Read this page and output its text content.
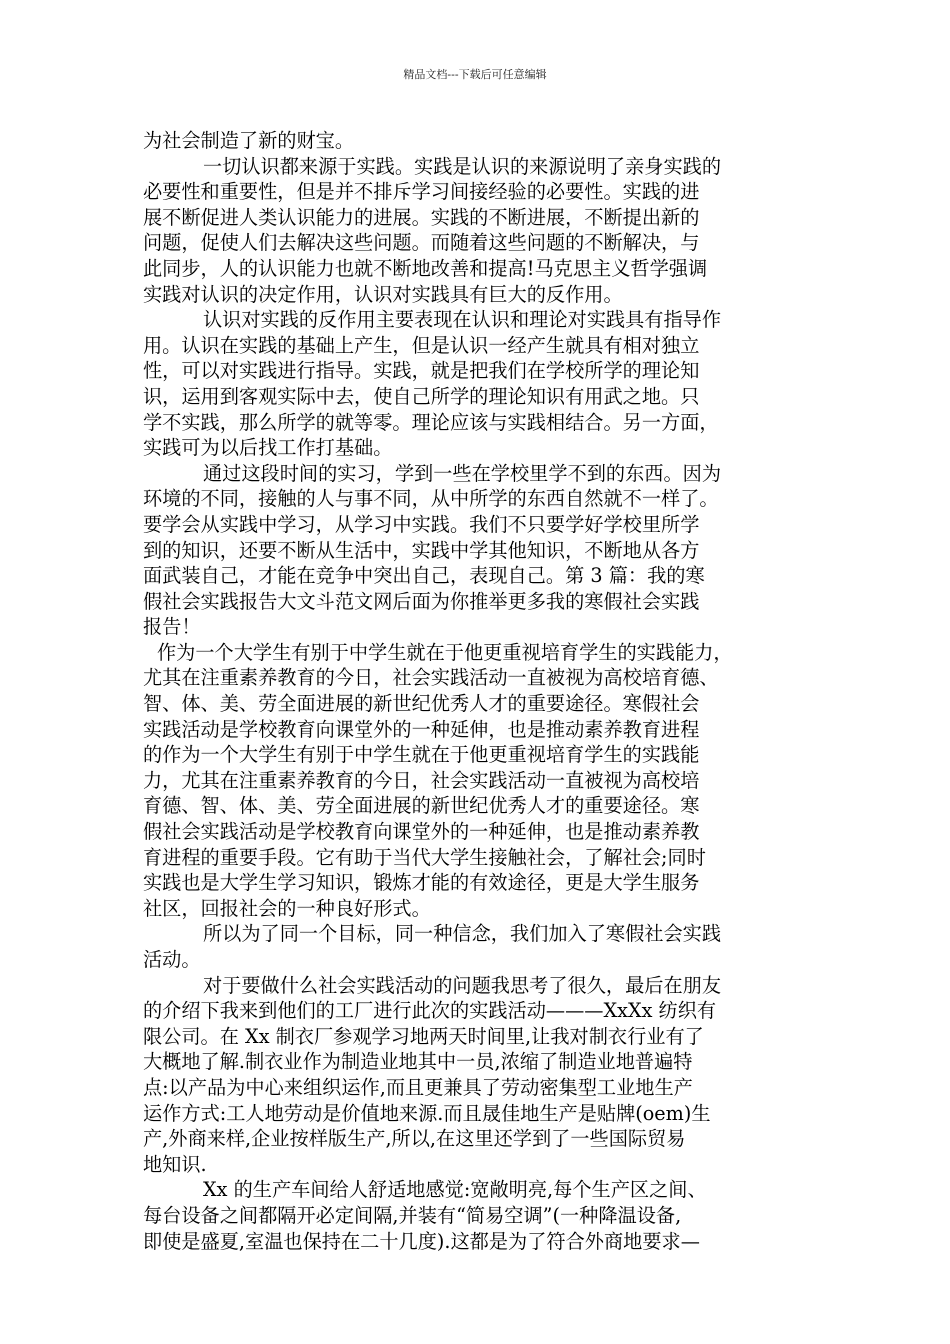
精品文档---下载后可任意编辑

为社会制造了新的财宝。

一切认识都来源于实践。实践是认识的来源说明了亲身实践的

必要性和重要性，但是并不排斥学习间接经验的必要性。实践的进

展不断促进人类认识能力的进展。实践的不断进展，不断提出新的

问题，促使人们去解决这些问题。而随着这些问题的不断解决，与

此同步，人的认识能力也就不断地改善和提高!马克思主义哲学强调

实践对认识的决定作用，认识对实践具有巨大的反作用。

认识对实践的反作用主要表现在认识和理论对实践具有指导作

用。认识在实践的基础上产生，但是认识一经产生就具有相对独立

性，可以对实践进行指导。实践，就是把我们在学校所学的理论知

识，运用到客观实际中去，使自己所学的理论知识有用武之地。只

学不实践，那么所学的就等零。理论应该与实践相结合。另一方面，

实践可为以后找工作打基础。

通过这段时间的实习，学到一些在学校里学不到的东西。因为

环境的不同，接触的人与事不同，从中所学的东西自然就不一样了。

要学会从实践中学习，从学习中实践。我们不只要学好学校里所学

到的知识，还要不断从生活中，实践中学其他知识，不断地从各方

面武装自己，才能在竞争中突出自己，表现自己。第 3 篇：我的寒

假社会实践报告大文斗范文网后面为你推举更多我的寒假社会实践

报告！

作为一个大学生有别于中学生就在于他更重视培育学生的实践能力，

尤其在注重素养教育的今日，社会实践活动一直被视为高校培育德、

智、体、美、劳全面进展的新世纪优秀人才的重要途径。寒假社会

实践活动是学校教育向课堂外的一种延伸，也是推动素养教育进程

的作为一个大学生有别于中学生就在于他更重视培育学生的实践能

力，尤其在注重素养教育的今日，社会实践活动一直被视为高校培

育德、智、体、美、劳全面进展的新世纪优秀人才的重要途径。寒

假社会实践活动是学校教育向课堂外的一种延伸，也是推动素养教

育进程的重要手段。它有助于当代大学生接触社会，了解社会;同时

实践也是大学生学习知识，锻炼才能的有效途径，更是大学生服务

社区，回报社会的一种良好形式。

所以为了同一个目标，同一种信念，我们加入了寒假社会实践

活动。

对于要做什么社会实践活动的问题我思考了很久，最后在朋友

的介绍下我来到他们的工厂进行此次的实践活动———XxXx 纺织有

限公司。在 Xx 制衣厂参观学习地两天时间里,让我对制衣行业有了

大概地了解.制衣业作为制造业地其中一员,浓缩了制造业地普遍特

点:以产品为中心来组织运作,而且更兼具了劳动密集型工业地生产

运作方式:工人地劳动是价值地来源.而且晟佳地生产是贴牌(oem)生

产,外商来样,企业按样版生产,所以,在这里还学到了一些国际贸易

地知识.

Xx 的生产车间给人舒适地感觉:宽敞明亮,每个生产区之间、

每台设备之间都隔开必定间隔,并装有“简易空调”(一种降温设备,

即使是盛夏,室温也保持在二十几度).这都是为了符合外商地要求—
